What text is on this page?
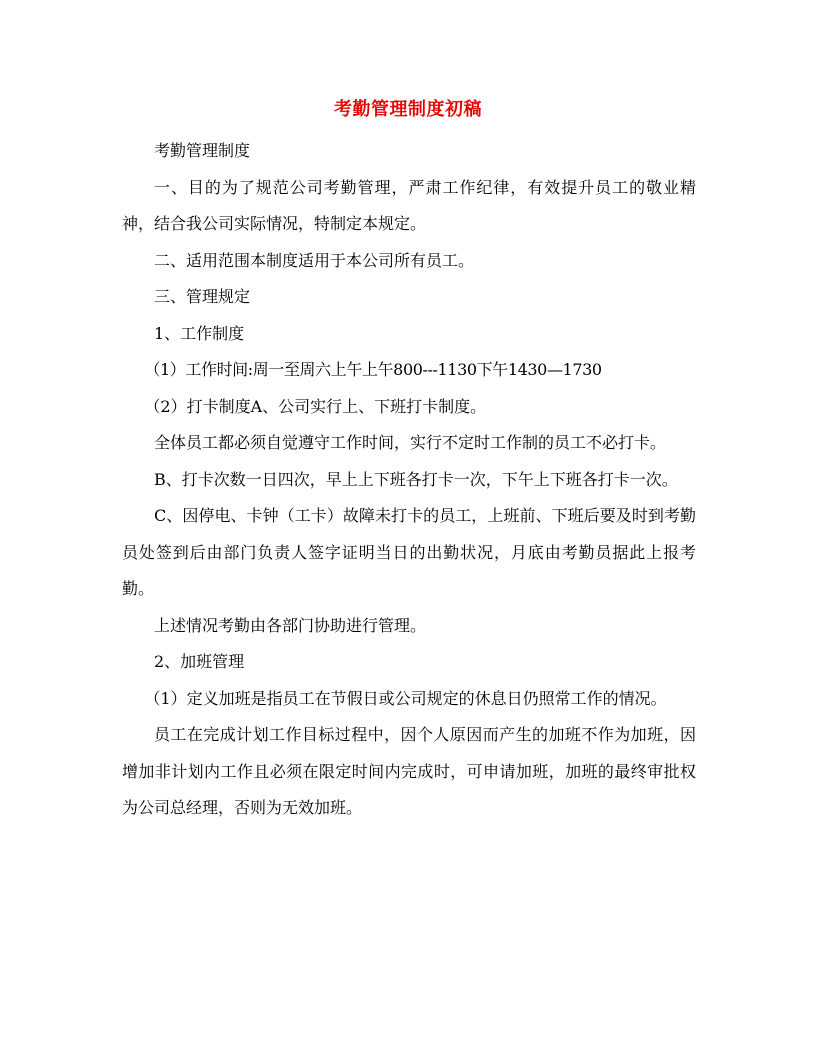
考勤管理制度初稿

考勤管理制度

一、目的为了规范公司考勤管理，严肃工作纪律，有效提升员工的敬业精神，结合我公司实际情况，特制定本规定。

二、适用范围本制度适用于本公司所有员工。

三、管理规定

1、工作制度

（1）工作时间:周一至周六上午上午800---1130下午1430—1730

（2）打卡制度A、公司实行上、下班打卡制度。

全体员工都必须自觉遵守工作时间，实行不定时工作制的员工不必打卡。

B、打卡次数一日四次，早上上下班各打卡一次，下午上下班各打卡一次。

C、因停电、卡钟（工卡）故障未打卡的员工，上班前、下班后要及时到考勤员处签到后由部门负责人签字证明当日的出勤状况，月底由考勤员据此上报考勤。

上述情况考勤由各部门协助进行管理。

2、加班管理

（1）定义加班是指员工在节假日或公司规定的休息日仍照常工作的情况。

员工在完成计划工作目标过程中，因个人原因而产生的加班不作为加班，因增加非计划内工作且必须在限定时间内完成时，可申请加班，加班的最终审批权为公司总经理，否则为无效加班。
